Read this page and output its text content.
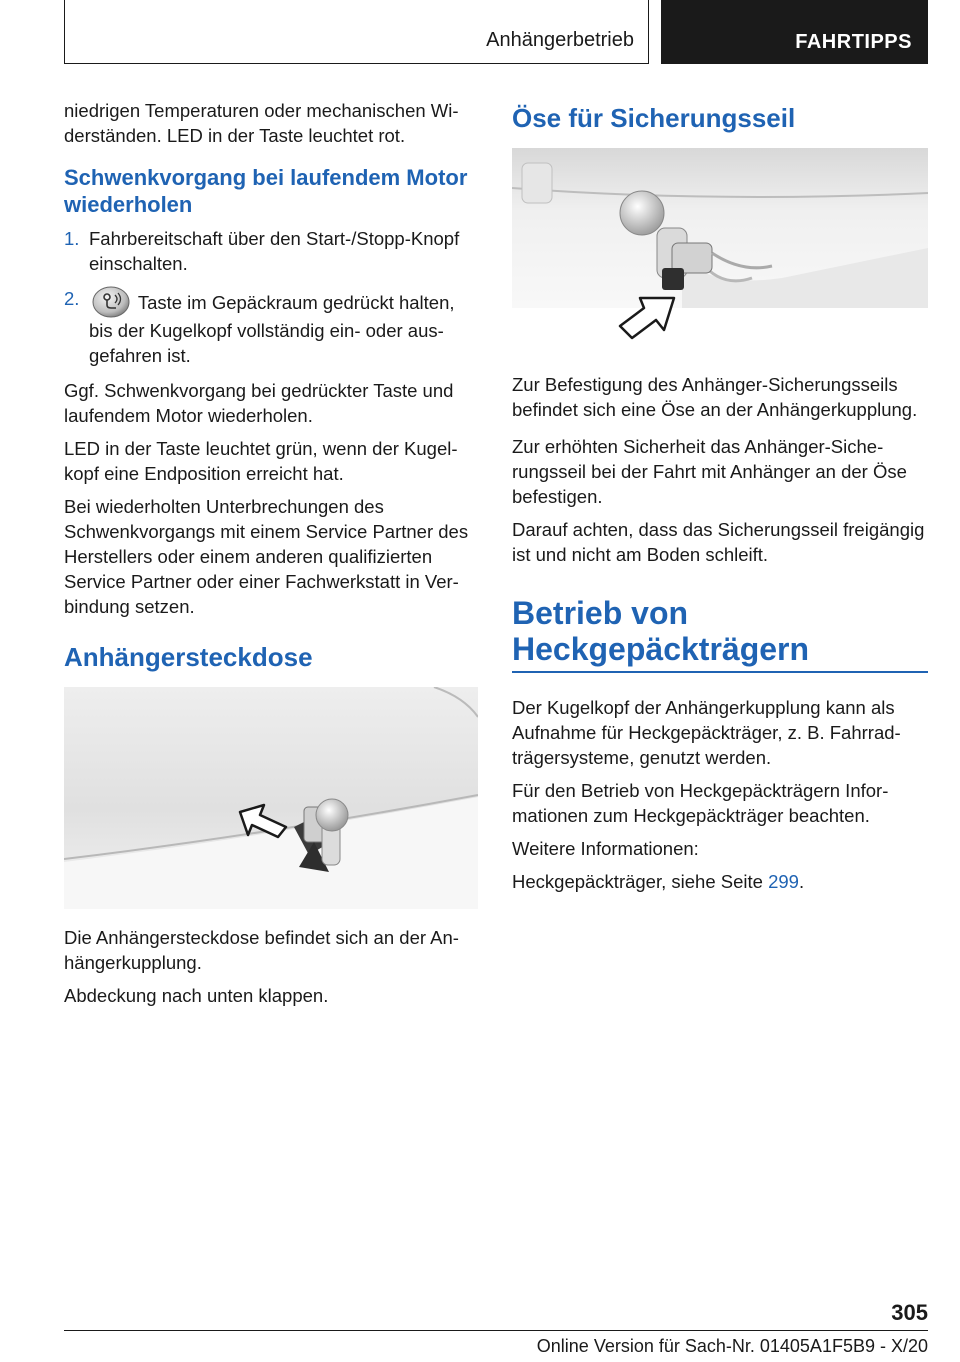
Anhängerbetrieb	FAHRTIPPS

niedrigen Temperaturen oder mechanischen Widerständen. LED in der Taste leuchtet rot.

Schwenkvorgang bei laufendem Motor wiederholen
1. Fahrbereitschaft über den Start-/Stopp-Knopf einschalten.
2.	Taste im Gepäckraum gedrückt halten, bis der Kugelkopf vollständig ein- oder ausgefahren ist.

Ggf. Schwenkvorgang bei gedrückter Taste und laufendem Motor wiederholen.

LED in der Taste leuchtet grün, wenn der Kugelkopf eine Endposition erreicht hat.

Bei wiederholten Unterbrechungen des Schwenkvorgangs mit einem Service Partner des Herstellers oder einem anderen qualifizierten Service Partner oder einer Fachwerkstatt in Verbindung setzen.

Anhängersteckdose

Die Anhängersteckdose befindet sich an der Anhängerkupplung.

Abdeckung nach unten klappen.

Öse für Sicherungsseil

Zur Befestigung des Anhänger-Sicherungsseils befindet sich eine Öse an der Anhängerkupplung.

Zur erhöhten Sicherheit das Anhänger-Sicherungsseil bei der Fahrt mit Anhänger an der Öse befestigen.

Darauf achten, dass das Sicherungsseil freigängig ist und nicht am Boden schleift.

Betrieb von Heckgepäckträgern

Der Kugelkopf der Anhängerkupplung kann als Aufnahme für Heckgepäckträger, z. B. Fahrradträgersysteme, genutzt werden.

Für den Betrieb von Heckgepäckträgern Informationen zum Heckgepäckträger beachten.

Weitere Informationen:

Heckgepäckträger, siehe Seite 299.

305
Online Version für Sach-Nr. 01405A1F5B9 - X/20
